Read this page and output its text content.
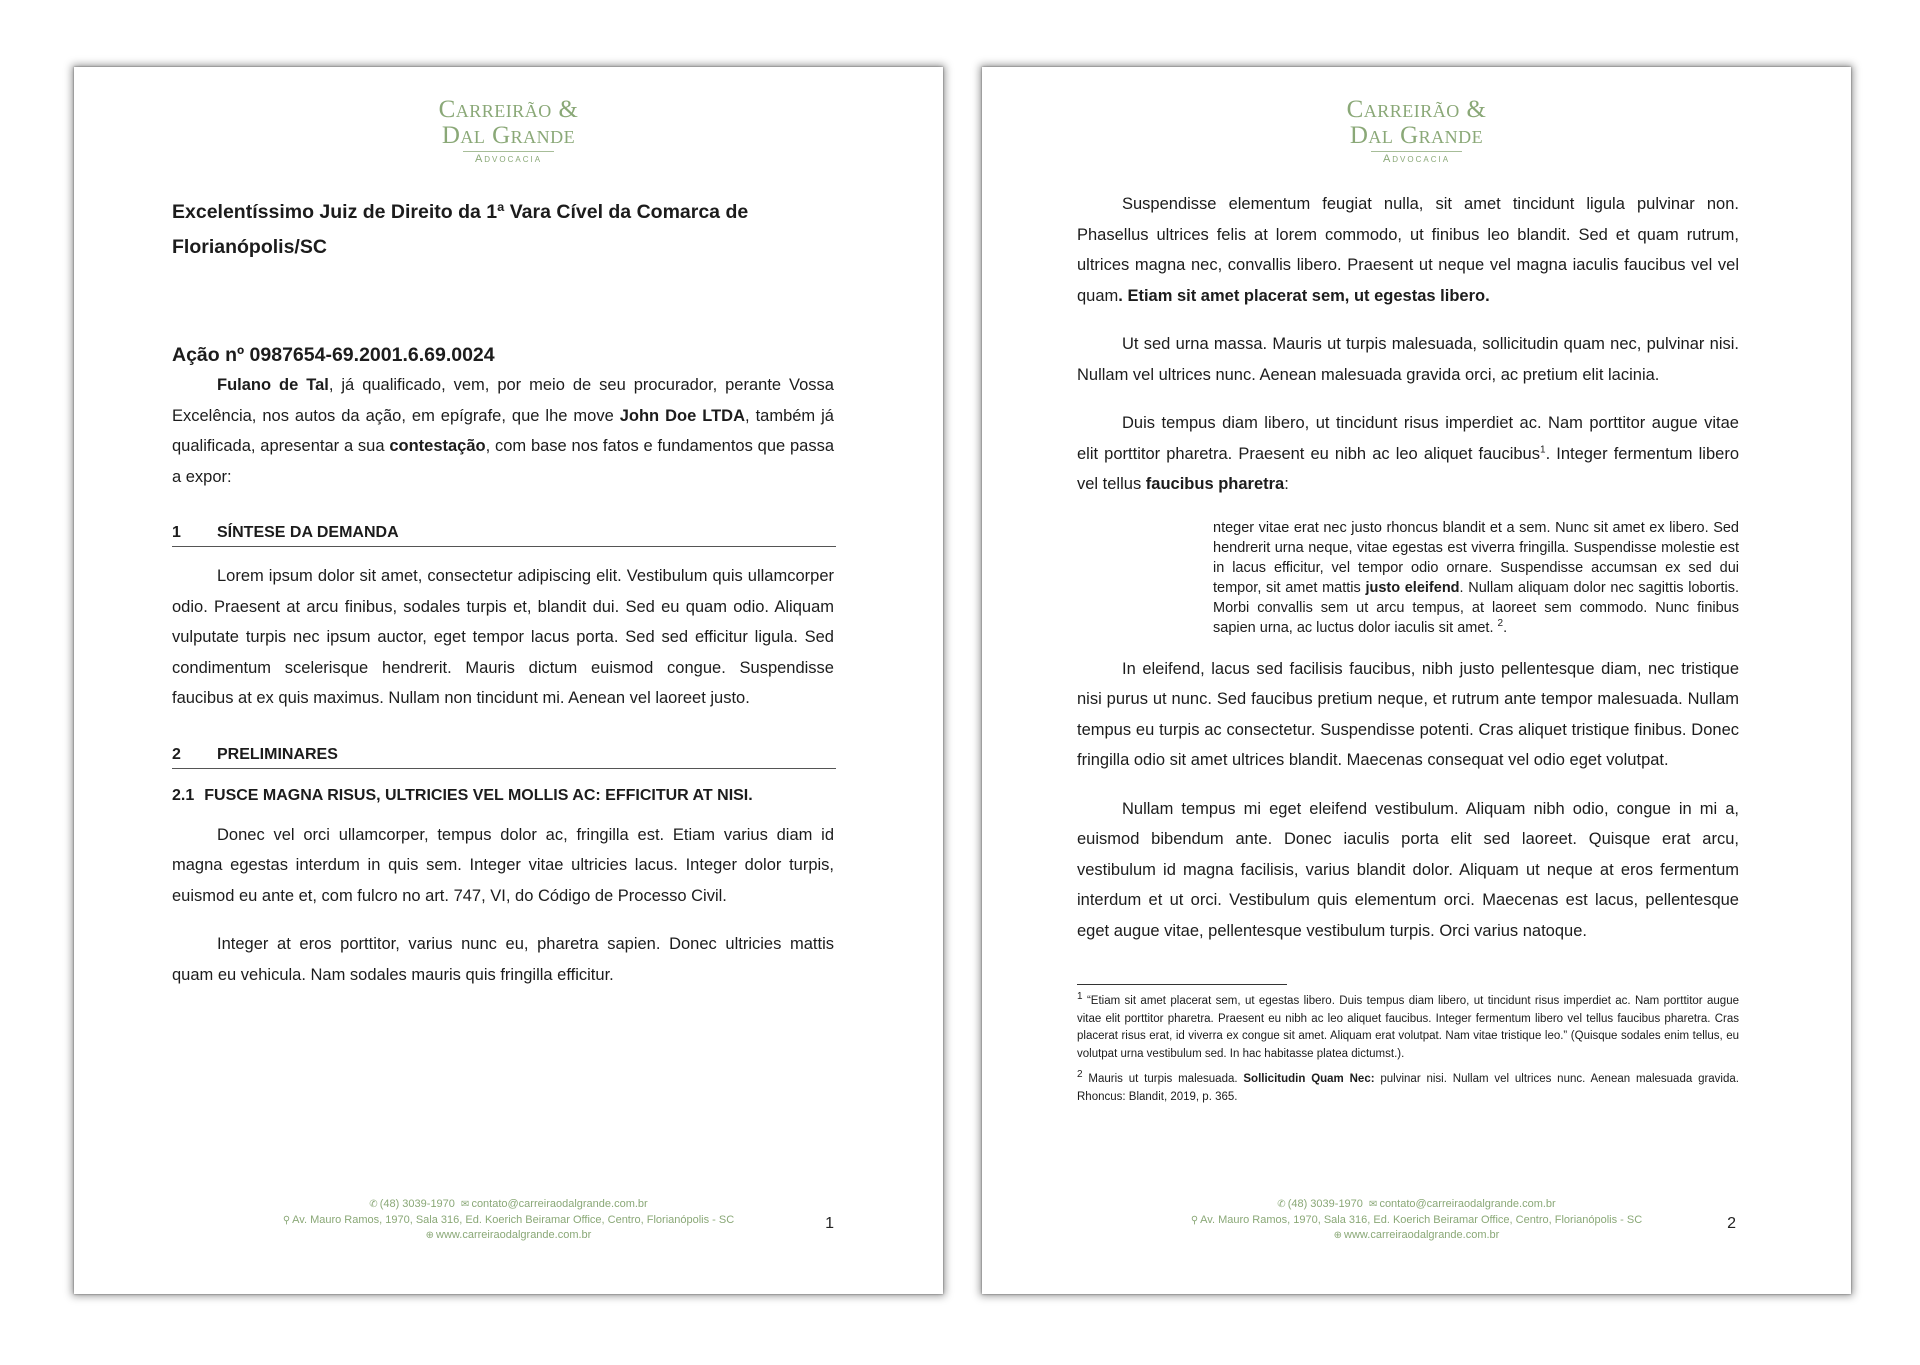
Carreirão &
Dal Grande
Advocacia

Excelentíssimo Juiz de Direito da 1ª Vara Cível da Comarca de Florianópolis/SC

Ação nº 0987654-69.2001.6.69.0024

Fulano de Tal, já qualificado, vem, por meio de seu procurador, perante Vossa Excelência, nos autos da ação, em epígrafe, que lhe move John Doe LTDA, também já qualificada, apresentar a sua contestação, com base nos fatos e fundamentos que passa a expor:

1 SÍNTESE DA DEMANDA

Lorem ipsum dolor sit amet, consectetur adipiscing elit. Vestibulum quis ullamcorper odio. Praesent at arcu finibus, sodales turpis et, blandit dui. Sed eu quam odio. Aliquam vulputate turpis nec ipsum auctor, eget tempor lacus porta. Sed sed efficitur ligula. Sed condimentum scelerisque hendrerit. Mauris dictum euismod congue. Suspendisse faucibus at ex quis maximus. Nullam non tincidunt mi. Aenean vel laoreet justo.

2 PRELIMINARES
2.1 FUSCE MAGNA RISUS, ULTRICIES VEL MOLLIS AC: EFFICITUR AT NISI.

Donec vel orci ullamcorper, tempus dolor ac, fringilla est. Etiam varius diam id magna egestas interdum in quis sem. Integer vitae ultricies lacus. Integer dolor turpis, euismod eu ante et, com fulcro no art. 747, VI, do Código de Processo Civil.

Integer at eros porttitor, varius nunc eu, pharetra sapien. Donec ultricies mattis quam eu vehicula. Nam sodales mauris quis fringilla efficitur.

✆ (48) 3039-1970 ✉ contato@carreiraodalgrande.com.br
⚲ Av. Mauro Ramos, 1970, Sala 316, Ed. Koerich Beiramar Office, Centro, Florianópolis - SC
⊕ www.carreiraodalgrande.com.br
1
Carreirão &
Dal Grande
Advocacia

Suspendisse elementum feugiat nulla, sit amet tincidunt ligula pulvinar non. Phasellus ultrices felis at lorem commodo, ut finibus leo blandit. Sed et quam rutrum, ultrices magna nec, convallis libero. Praesent ut neque vel magna iaculis faucibus vel vel quam. Etiam sit amet placerat sem, ut egestas libero.

Ut sed urna massa. Mauris ut turpis malesuada, sollicitudin quam nec, pulvinar nisi. Nullam vel ultrices nunc. Aenean malesuada gravida orci, ac pretium elit lacinia.

Duis tempus diam libero, ut tincidunt risus imperdiet ac. Nam porttitor augue vitae elit porttitor pharetra. Praesent eu nibh ac leo aliquet faucibus$^1$. Integer fermentum libero vel tellus faucibus pharetra:

nteger vitae erat nec justo rhoncus blandit et a sem. Nunc sit amet ex libero. Sed hendrerit urna neque, vitae egestas est viverra fringilla. Suspendisse molestie est in lacus efficitur, vel tempor odio ornare. Suspendisse accumsan ex sed dui tempor, sit amet mattis justo eleifend. Nullam aliquam dolor nec sagittis lobortis. Morbi convallis sem ut arcu tempus, at laoreet sem commodo. Nunc finibus sapien urna, ac luctus dolor iaculis sit amet. $^2$.

In eleifend, lacus sed facilisis faucibus, nibh justo pellentesque diam, nec tristique nisi purus ut nunc. Sed faucibus pretium neque, et rutrum ante tempor malesuada. Nullam tempus eu turpis ac consectetur. Suspendisse potenti. Cras aliquet tristique finibus. Donec fringilla odio sit amet ultrices blandit. Maecenas consequat vel odio eget volutpat.

Nullam tempus mi eget eleifend vestibulum. Aliquam nibh odio, congue in mi a, euismod bibendum ante. Donec iaculis porta elit sed laoreet. Quisque erat arcu, vestibulum id magna facilisis, varius blandit dolor. Aliquam ut neque at eros fermentum interdum et ut orci. Vestibulum quis elementum orci. Maecenas est lacus, pellentesque eget augue vitae, pellentesque vestibulum turpis. Orci varius natoque.

$^1$ “Etiam sit amet placerat sem, ut egestas libero. Duis tempus diam libero, ut tincidunt risus imperdiet ac. Nam porttitor augue vitae elit porttitor pharetra. Praesent eu nibh ac leo aliquet faucibus. Integer fermentum libero vel tellus faucibus pharetra. Cras placerat risus erat, id viverra ex congue sit amet. Aliquam erat volutpat. Nam vitae tristique leo.” (Quisque sodales enim tellus, eu volutpat urna vestibulum sed. In hac habitasse platea dictumst.).

$^2$ Mauris ut turpis malesuada. Sollicitudin Quam Nec: pulvinar nisi. Nullam vel ultrices nunc. Aenean malesuada gravida. Rhoncus: Blandit, 2019, p. 365.

✆ (48) 3039-1970 ✉ contato@carreiraodalgrande.com.br
⚲ Av. Mauro Ramos, 1970, Sala 316, Ed. Koerich Beiramar Office, Centro, Florianópolis - SC
⊕ www.carreiraodalgrande.com.br
2
